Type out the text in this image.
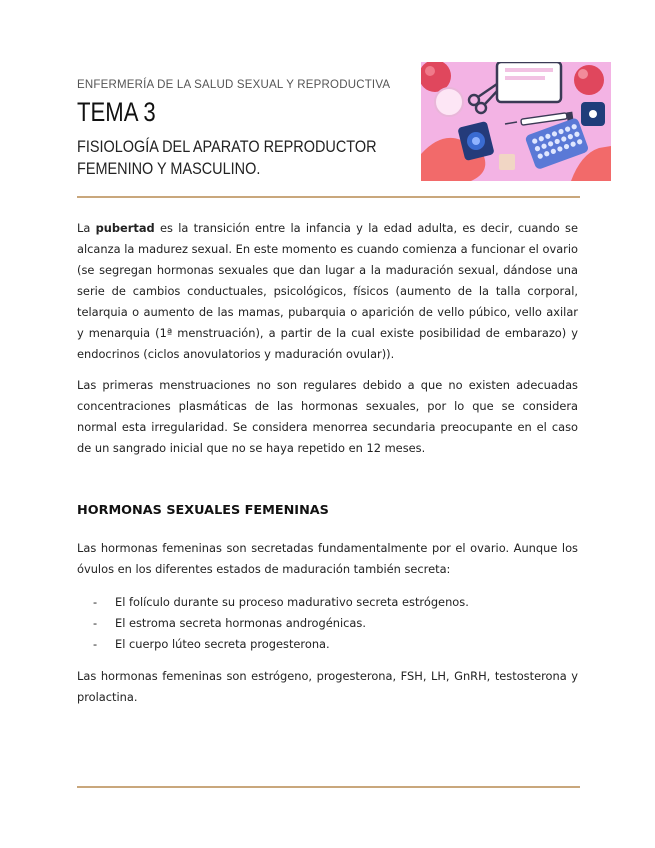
ENFERMERÍA DE LA SALUD SEXUAL Y REPRODUCTIVA
TEMA 3
FISIOLOGÍA DEL APARATO REPRODUCTOR
FEMENINO Y MASCULINO.

La pubertad es la transición entre la infancia y la edad adulta, es decir, cuando se alcanza la madurez sexual. En este momento es cuando comienza a funcionar el ovario (se segregan hormonas sexuales que dan lugar a la maduración sexual, dándose una serie de cambios conductuales, psicológicos, físicos (aumento de la talla corporal, telarquia o aumento de las mamas, pubarquia o aparición de vello púbico, vello axilar y menarquia (1ª menstruación), a partir de la cual existe posibilidad de embarazo) y endocrinos (ciclos anovulatorios y maduración ovular)).

Las primeras menstruaciones no son regulares debido a que no existen adecuadas concentraciones plasmáticas de las hormonas sexuales, por lo que se considera normal esta irregularidad. Se considera menorrea secundaria preocupante en el caso de un sangrado inicial que no se haya repetido en 12 meses.

HORMONAS SEXUALES FEMENINAS

Las hormonas femeninas son secretadas fundamentalmente por el ovario. Aunque los óvulos en los diferentes estados de maduración también secreta:

- El folículo durante su proceso madurativo secreta estrógenos.
- El estroma secreta hormonas androgénicas.
- El cuerpo lúteo secreta progesterona.

Las hormonas femeninas son estrógeno, progesterona, FSH, LH, GnRH, testosterona y prolactina.
